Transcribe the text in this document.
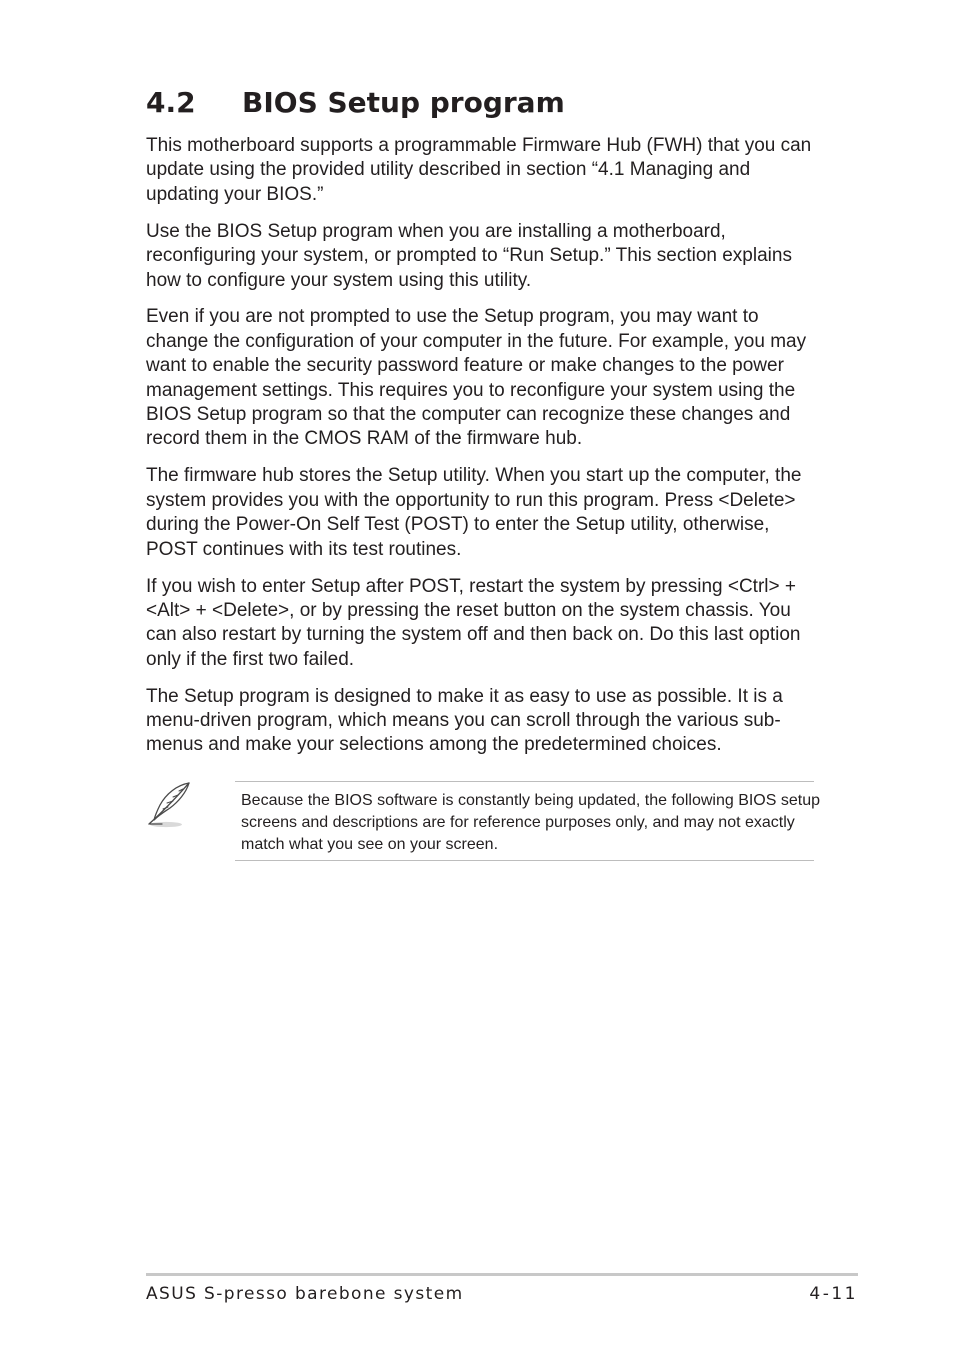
4.2 BIOS Setup program

This motherboard supports a programmable Firmware Hub (FWH) that you can update using the provided utility described in section “4.1 Managing and updating your BIOS.”

Use the BIOS Setup program when you are installing a motherboard, reconfiguring your system, or prompted to “Run Setup.” This section explains how to configure your system using this utility.

Even if you are not prompted to use the Setup program, you may want to change the configuration of your computer in the future. For example, you may want to enable the security password feature or make changes to the power management settings. This requires you to reconfigure your system using the BIOS Setup program so that the computer can recognize these changes and record them in the CMOS RAM of the firmware hub.

The firmware hub stores the Setup utility. When you start up the computer, the system provides you with the opportunity to run this program. Press <Delete> during the Power-On Self Test (POST) to enter the Setup utility, otherwise, POST continues with its test routines.

If you wish to enter Setup after POST, restart the system by pressing <Ctrl> + <Alt> + <Delete>, or by pressing the reset button on the system chassis. You can also restart by turning the system off and then back on. Do this last option only if the first two failed.

The Setup program is designed to make it as easy to use as possible. It is a menu-driven program, which means you can scroll through the various sub-menus and make your selections among the predetermined choices.

Because the BIOS software is constantly being updated, the following BIOS setup screens and descriptions are for reference purposes only, and may not exactly match what you see on your screen.

ASUS S-presso barebone system	4-11
